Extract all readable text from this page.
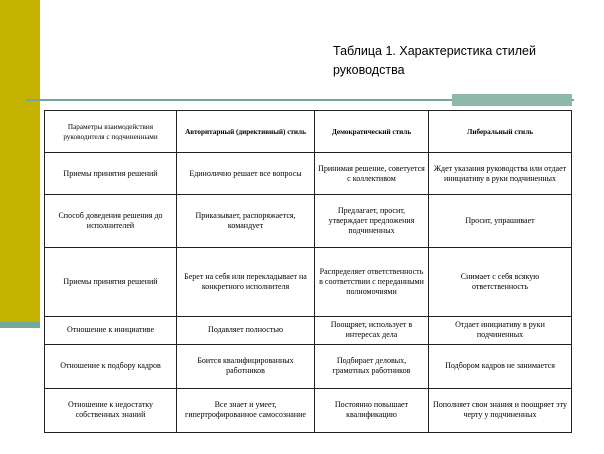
Таблица 1. Характеристика стилей руководства
Параметры взаимодействия руководителя с подчиненными	Авторитарный (директивный) стиль	Демократический стиль	Либеральный стиль
Приемы принятия решений	Единолично решает все вопросы	Принимая решение, советуется с коллективом	Ждет указания руководства или отдает инициативу в руки подчиненных
Способ доведения решения до исполнителей	Приказывает, распоряжается, командует	Предлагает, просит, утверждает предложения подчиненных	Просит, упрашивает
Приемы принятия решений	Берет на себя или перекладывает на конкретного исполнителя	Распределяет ответственность в соответствии с переданными полномочиями	Снимает с себя всякую ответственность
Отношение к инициативе	Подавляет полностью	Поощряет, использует в интересах дела	Отдает инициативу в руки подчиненных
Отношение к подбору кадров	Боится квалифицированных работников	Подбирает деловых, грамотных работников	Подбором кадров не занимается
Отношение к недостатку собственных знаний	Все знает и умеет, гипертрофированное самосознание	Постоянно повышает квалификацию	Пополняет свои знания и поощряет эту черту у подчиненных
